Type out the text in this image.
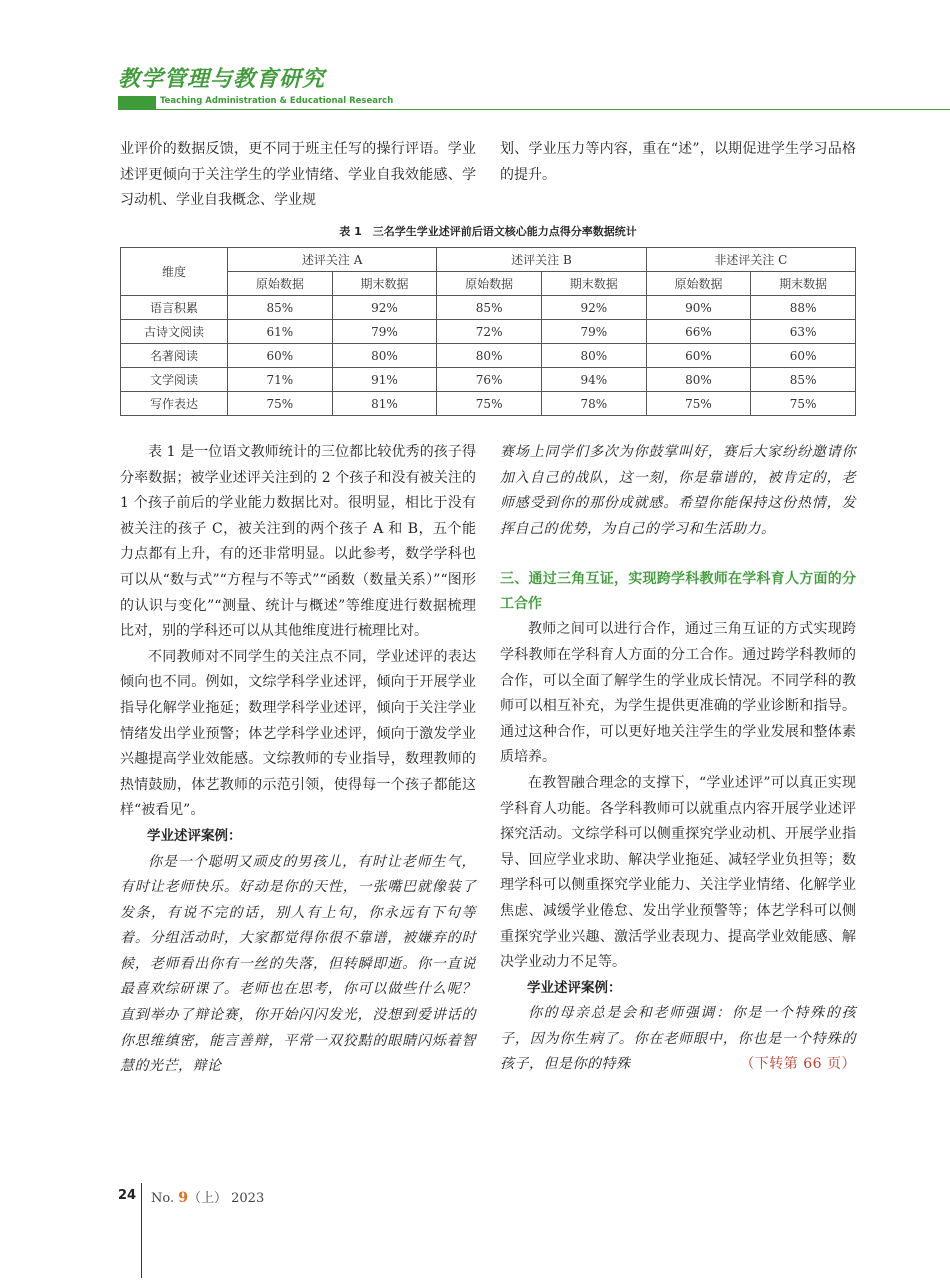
教学管理与教育研究
Teaching Administration & Educational Research

业评价的数据反馈，更不同于班主任写的操行评语。学业述评更倾向于关注学生的学业情绪、学业自我效能感、学习动机、学业自我概念、学业规

划、学业压力等内容，重在“述”，以期促进学生学习品格的提升。

表 1　三名学生学业述评前后语文核心能力点得分率数据统计
维度	述评关注 A		述评关注 B		非述评关注 C	
	原始数据	期末数据	原始数据	期末数据	原始数据	期末数据
语言积累	85%	92%	85%	92%	90%	88%
古诗文阅读	61%	79%	72%	79%	66%	63%
名著阅读	60%	80%	80%	80%	60%	60%
文学阅读	71%	91%	76%	94%	80%	85%
写作表达	75%	81%	75%	78%	75%	75%

表 1 是一位语文教师统计的三位都比较优秀的孩子得分率数据；被学业述评关注到的 2 个孩子和没有被关注的 1 个孩子前后的学业能力数据比对。很明显，相比于没有被关注的孩子 C，被关注到的两个孩子 A 和 B，五个能力点都有上升，有的还非常明显。以此参考，数学学科也可以从“数与式”“方程与不等式”“函数（数量关系）”“图形的认识与变化”“测量、统计与概述”等维度进行数据梳理比对，别的学科还可以从其他维度进行梳理比对。

不同教师对不同学生的关注点不同，学业述评的表达倾向也不同。例如，文综学科学业述评，倾向于开展学业指导化解学业拖延；数理学科学业述评，倾向于关注学业情绪发出学业预警；体艺学科学业述评，倾向于激发学业兴趣提高学业效能感。文综教师的专业指导，数理教师的热情鼓励，体艺教师的示范引领，使得每一个孩子都能这样“被看见”。

学业述评案例：

你是一个聪明又顽皮的男孩儿，有时让老师生气，有时让老师快乐。好动是你的天性，一张嘴巴就像装了发条，有说不完的话，别人有上句，你永远有下句等着。分组活动时，大家都觉得你很不靠谱，被嫌弃的时候，老师看出你有一丝的失落，但转瞬即逝。你一直说最喜欢综研课了。老师也在思考，你可以做些什么呢？直到举办了辩论赛，你开始闪闪发光，没想到爱讲话的你思维缜密，能言善辩，平常一双狡黠的眼睛闪烁着智慧的光芒，辩论

赛场上同学们多次为你鼓掌叫好，赛后大家纷纷邀请你加入自己的战队，这一刻，你是靠谱的，被肯定的，老师感受到你的那份成就感。希望你能保持这份热情，发挥自己的优势，为自己的学习和生活助力。

三、通过三角互证，实现跨学科教师在学科育人方面的分工合作

教师之间可以进行合作，通过三角互证的方式实现跨学科教师在学科育人方面的分工合作。通过跨学科教师的合作，可以全面了解学生的学业成长情况。不同学科的教师可以相互补充，为学生提供更准确的学业诊断和指导。通过这种合作，可以更好地关注学生的学业发展和整体素质培养。

在教智融合理念的支撑下，“学业述评”可以真正实现学科育人功能。各学科教师可以就重点内容开展学业述评探究活动。文综学科可以侧重探究学业动机、开展学业指导、回应学业求助、解决学业拖延、减轻学业负担等；数理学科可以侧重探究学业能力、关注学业情绪、化解学业焦虑、减缓学业倦怠、发出学业预警等；体艺学科可以侧重探究学业兴趣、激活学业表现力、提高学业效能感、解决学业动力不足等。

学业述评案例：

你的母亲总是会和老师强调：你是一个特殊的孩子，因为你生病了。你在老师眼中，你也是一个特殊的孩子，但是你的特殊	（下转第 66 页）

24 No. 9（上） 2023
